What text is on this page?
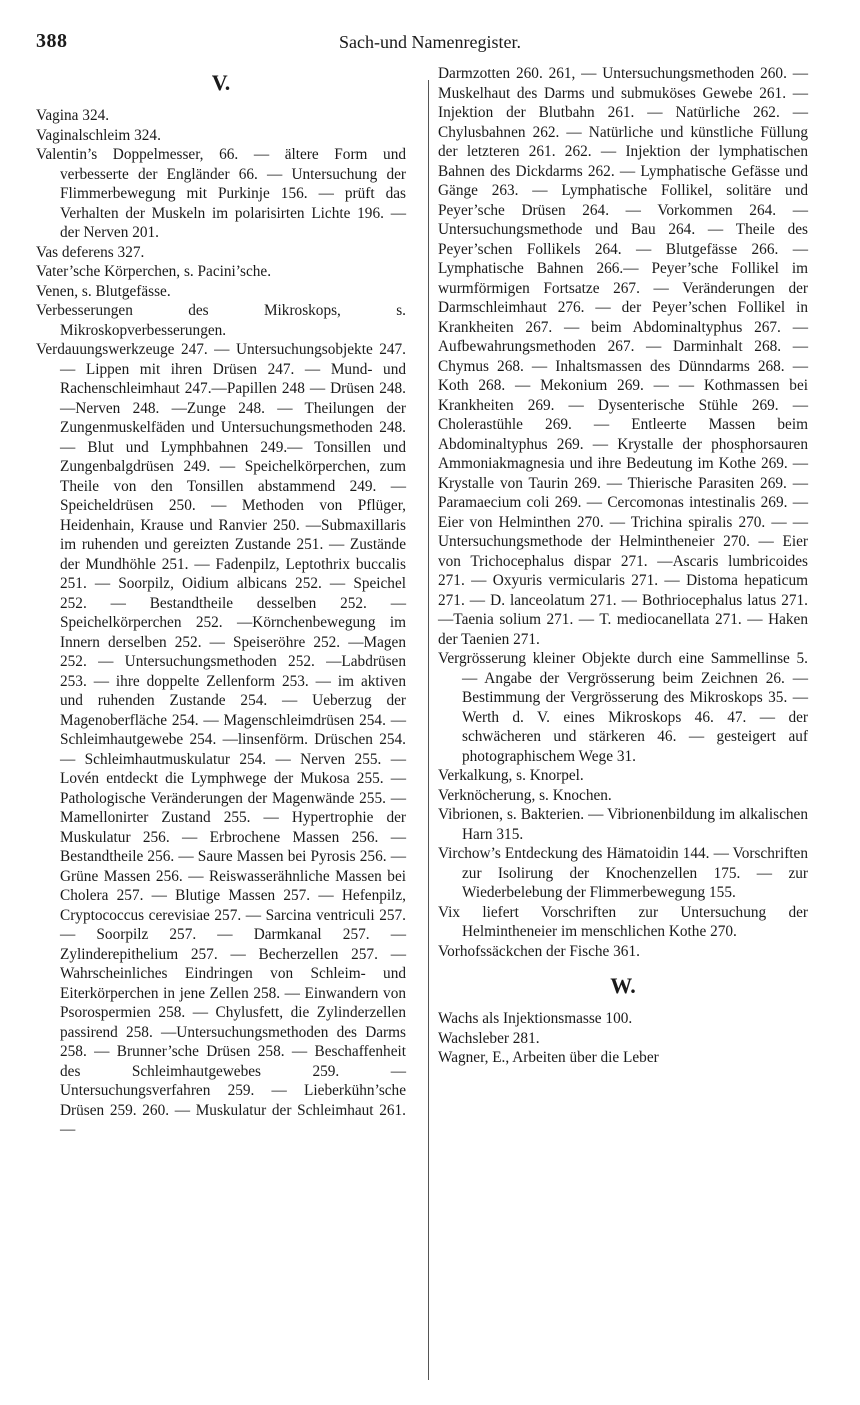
388	Sach-und Namenregister.
V.
Vagina 324.
Vaginalschleim 324.
Valentin’s Doppelmesser, 66. — ältere Form und verbesserte der Engländer 66. — Untersuchung der Flimmerbewegung mit Purkinje 156. — prüft das Verhalten der Muskeln im polarisirten Lichte 196. — der Nerven 201.
Vas deferens 327.
Vater’sche Körperchen, s. Pacini’sche.
Venen, s. Blutgefässe.
Verbesserungen des Mikroskops, s. Mikroskopverbesserungen.
Verdauungswerkzeuge 247. — Untersuchungsobjekte 247. — Lippen mit ihren Drüsen 247. — Mund- und Rachenschleimhaut 247.—Papillen 248 — Drüsen 248. —Nerven 248. —Zunge 248. — Theilungen der Zungenmuskelfäden und Untersuchungsmethoden 248. — Blut und Lymphbahnen 249.— Tonsillen und Zungenbalgdrüsen 249. — Speichelkörperchen, zum Theile von den Tonsillen abstammend 249. — Speicheldrüsen 250. — Methoden von Pflüger, Heidenhain, Krause und Ranvier 250. —Submaxillaris im ruhenden und gereizten Zustande 251. — Zustände der Mundhöhle 251. — Fadenpilz, Leptothrix buccalis 251. — Soorpilz, Oidium albicans 252. — Speichel 252. — Bestandtheile desselben 252. — Speichelkörperchen 252. —Körnchenbewegung im Innern derselben 252. — Speiseröhre 252. —Magen 252. — Untersuchungsmethoden 252. —Labdrüsen 253. — ihre doppelte Zellenform 253. — im aktiven und ruhenden Zustande 254. — Ueberzug der Magenoberfläche 254. — Magenschleimdrüsen 254. —Schleimhautgewebe 254. —linsenförm. Drüschen 254. — Schleimhautmuskulatur 254. — Nerven 255. — Lovén entdeckt die Lymphwege der Mukosa 255. — Pathologische Veränderungen der Magenwände 255. — Mamellonirter Zustand 255. — Hypertrophie der Muskulatur 256. — Erbrochene Massen 256. — Bestandtheile 256. — Saure Massen bei Pyrosis 256. — Grüne Massen 256. — Reiswasserähnliche Massen bei Cholera 257. — Blutige Massen 257. — Hefenpilz, Cryptococcus cerevisiae 257. — Sarcina ventriculi 257. — Soorpilz 257. — Darmkanal 257. — Zylinderepithelium 257. — Becherzellen 257. — Wahrscheinliches Eindringen von Schleim- und Eiterkörperchen in jene Zellen 258. — Einwandern von Psorospermien 258. — Chylusfett, die Zylinderzellen passirend 258. —Untersuchungsmethoden des Darms 258. — Brunner’sche Drüsen 258. — Beschaffenheit des Schleimhautgewebes 259. — Untersuchungsverfahren 259. — Lieberkühn’sche Drüsen 259. 260. — Muskulatur der Schleimhaut 261. —
Darmzotten 260. 261, — Untersuchungsmethoden 260. — Muskelhaut des Darms und submuköses Gewebe 261. — Injektion der Blutbahn 261. — Natürliche 262. — Chylusbahnen 262. — Natürliche und künstliche Füllung der letzteren 261. 262. — Injektion der lymphatischen Bahnen des Dickdarms 262. — Lymphatische Gefässe und Gänge 263. — Lymphatische Follikel, solitäre und Peyer’sche Drüsen 264. — Vorkommen 264. — Untersuchungsmethode und Bau 264. — Theile des Peyer’schen Follikels 264. — Blutgefässe 266. — Lymphatische Bahnen 266.— Peyer’sche Follikel im wurmförmigen Fortsatze 267. — Veränderungen der Darmschleimhaut 276. — der Peyer’schen Follikel in Krankheiten 267. — beim Abdominaltyphus 267. — Aufbewahrungsmethoden 267. — Darminhalt 268. — Chymus 268. — Inhaltsmassen des Dünndarms 268. — Koth 268. — Mekonium 269. — — Kothmassen bei Krankheiten 269. — Dysenterische Stühle 269. — Cholerastühle 269. — Entleerte Massen beim Abdominaltyphus 269. — Krystalle der phosphorsauren Ammoniakmagnesia und ihre Bedeutung im Kothe 269. — Krystalle von Taurin 269. — Thierische Parasiten 269. — Paramaecium coli 269. — Cercomonas intestinalis 269. — Eier von Helminthen 270. — Trichina spiralis 270. — — Untersuchungsmethode der Helmintheneier 270. — Eier von Trichocephalus dispar 271. —Ascaris lumbricoides 271. — Oxyuris vermicularis 271. — Distoma hepaticum 271. — D. lanceolatum 271. — Bothriocephalus latus 271.—Taenia solium 271. — T. mediocanellata 271. — Haken der Taenien 271.
Vergrösserung kleiner Objekte durch eine Sammellinse 5. — Angabe der Vergrösserung beim Zeichnen 26. — Bestimmung der Vergrösserung des Mikroskops 35. — Werth d. V. eines Mikroskops 46. 47. — der schwächeren und stärkeren 46. — gesteigert auf photographischem Wege 31.
Verkalkung, s. Knorpel.
Verknöcherung, s. Knochen.
Vibrionen, s. Bakterien. — Vibrionenbildung im alkalischen Harn 315.
Virchow’s Entdeckung des Hämatoidin 144. — Vorschriften zur Isolirung der Knochenzellen 175. — zur Wiederbelebung der Flimmerbewegung 155.
Vix liefert Vorschriften zur Untersuchung der Helmintheneier im menschlichen Kothe 270.
Vorhofssäckchen der Fische 361.
W.
Wachs als Injektionsmasse 100.
Wachsleber 281.
Wagner, E., Arbeiten über die Leber
